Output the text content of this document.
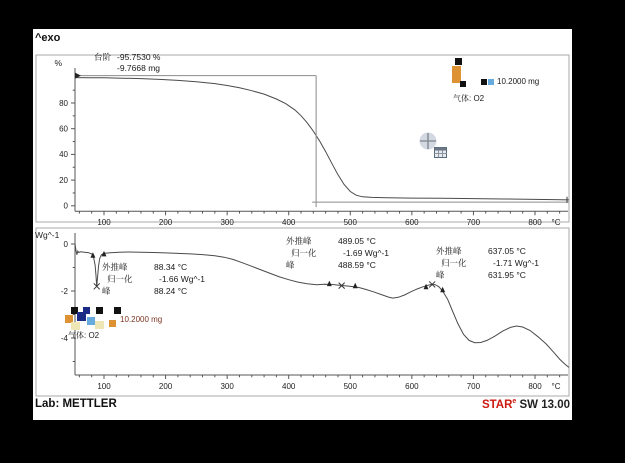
^exo
0
20
40
60
80
100	200	300	400	500	600	700	800 °C
%
0
-2
-4
100	200	300	400	500	600	700	800 °C
Wg^-1
台阶 -95.7530 %
-9.7668 mg
10.2000 mg
气体: O2
外推峰	88.34 °C
归一化	-1.66 Wg^-1
峰	88.24 °C
外推峰	489.05 °C
归一化	-1.69 Wg^-1
峰	488.59 °C
外推峰	637.05 °C
归一化	-1.71 Wg^-1
峰	631.95 °C
10.2000 mg
气体: O2
Lab: METTLER	STAR$^e$ SW 13.00
